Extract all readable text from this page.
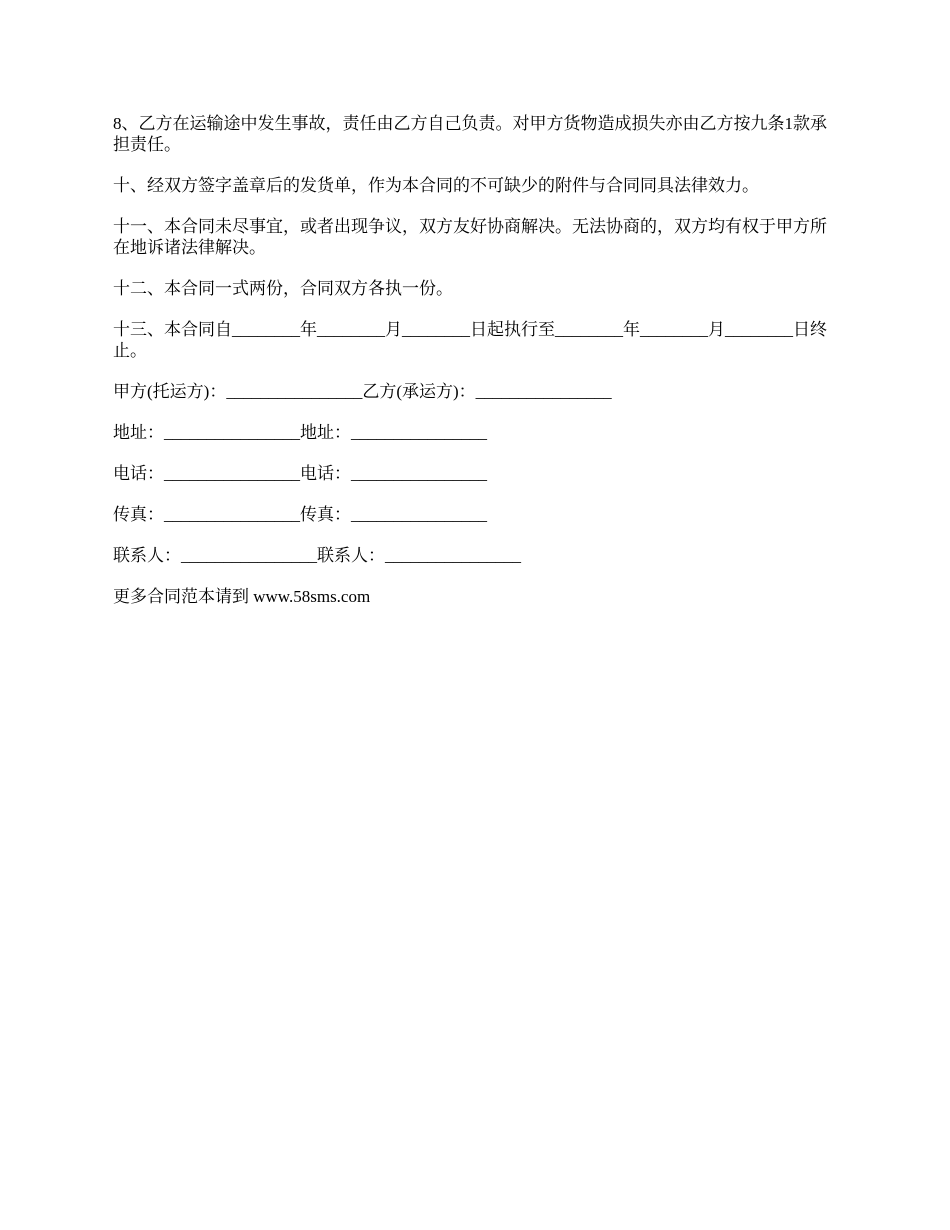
8、乙方在运输途中发生事故，责任由乙方自己负责。对甲方货物造成损失亦由乙方按九条1款承担责任。

十、经双方签字盖章后的发货单，作为本合同的不可缺少的附件与合同同具法律效力。

十一、本合同未尽事宜，或者出现争议，双方友好协商解决。无法协商的，双方均有权于甲方所在地诉诸法律解决。

十二、本合同一式两份，合同双方各执一份。

十三、本合同自________年________月________日起执行至________年________月________日终止。

甲方(托运方)：________________乙方(承运方)：________________

地址：________________地址：________________

电话：________________电话：________________

传真：________________传真：________________

联系人：________________联系人：________________

更多合同范本请到 www.58sms.com
